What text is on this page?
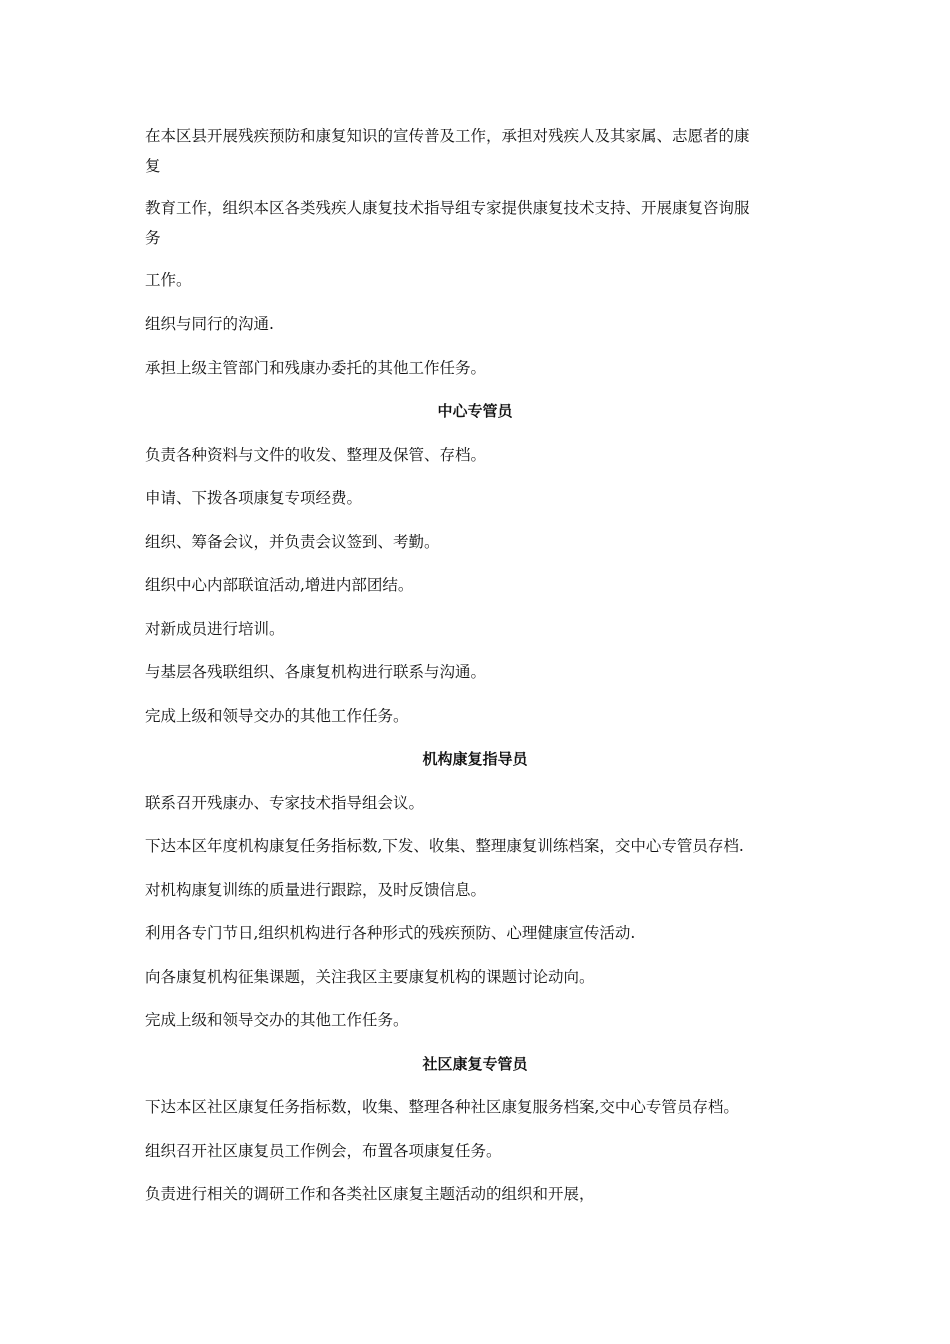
在本区县开展残疾预防和康复知识的宣传普及工作，承担对残疾人及其家属、志愿者的康
复
教育工作，组织本区各类残疾人康复技术指导组专家提供康复技术支持、开展康复咨询服
务
工作。
组织与同行的沟通.
承担上级主管部门和残康办委托的其他工作任务。
中心专管员
负责各种资料与文件的收发、整理及保管、存档。
申请、下拨各项康复专项经费。
组织、筹备会议，并负责会议签到、考勤。
组织中心内部联谊活动,增进内部团结。
对新成员进行培训。
与基层各残联组织、各康复机构进行联系与沟通。
完成上级和领导交办的其他工作任务。
机构康复指导员
联系召开残康办、专家技术指导组会议。
下达本区年度机构康复任务指标数,下发、收集、整理康复训练档案，交中心专管员存档.
对机构康复训练的质量进行跟踪，及时反馈信息。
利用各专门节日,组织机构进行各种形式的残疾预防、心理健康宣传活动.
向各康复机构征集课题，关注我区主要康复机构的课题讨论动向。
完成上级和领导交办的其他工作任务。
社区康复专管员
下达本区社区康复任务指标数，收集、整理各种社区康复服务档案,交中心专管员存档。
组织召开社区康复员工作例会，布置各项康复任务。
负责进行相关的调研工作和各类社区康复主题活动的组织和开展，
